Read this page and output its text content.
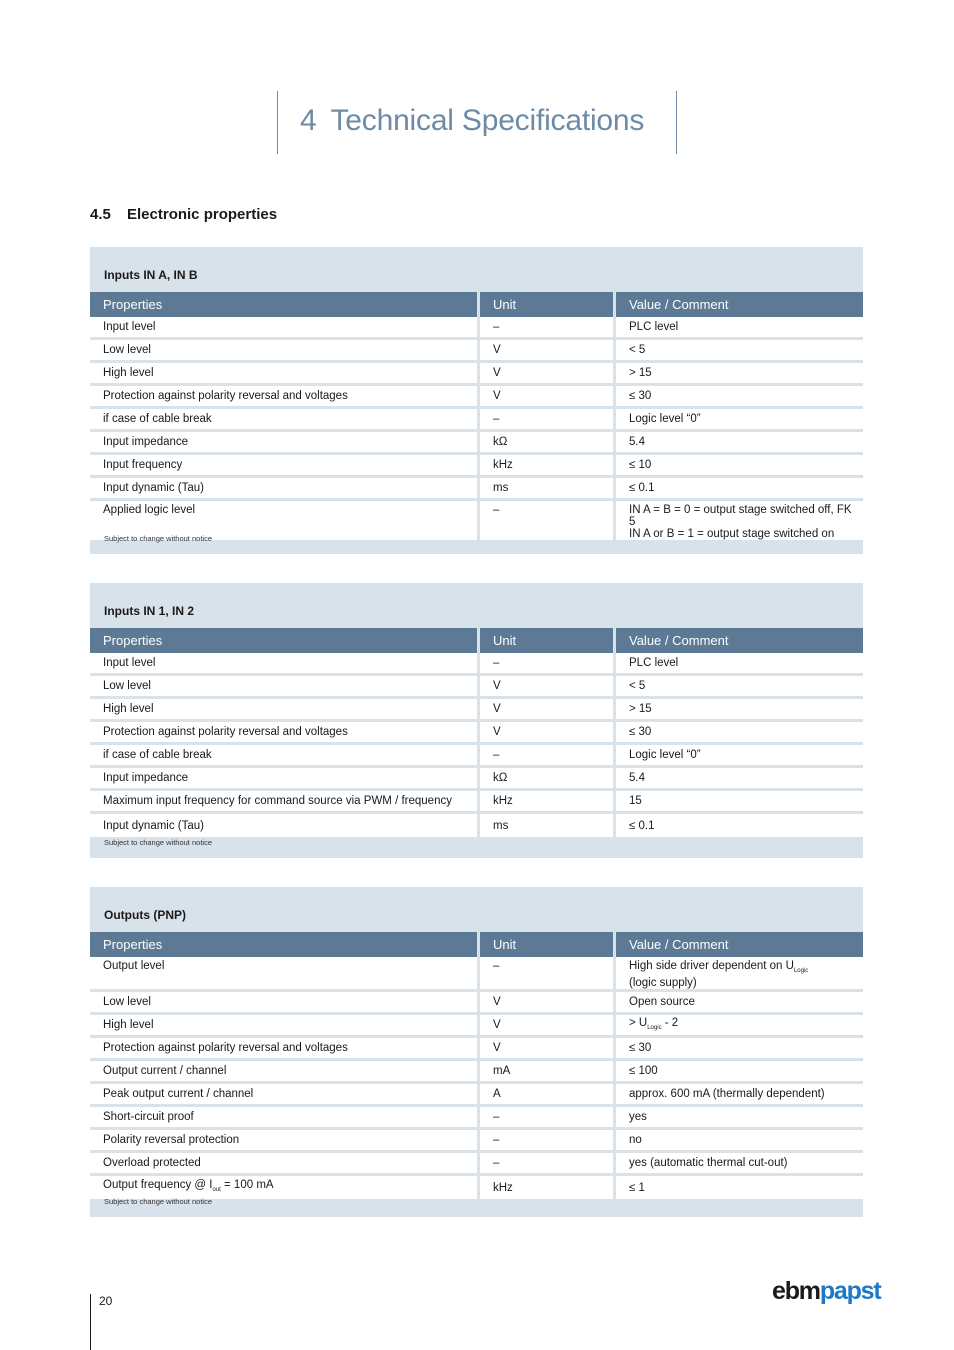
4 Technical Specifications
4.5 Electronic properties
Inputs IN A, IN B
Properties	Unit	Value / Comment
Input level	–	PLC level
Low level	V	< 5
High level	V	> 15
Protection against polarity reversal and voltages	V	≤ 30
if case of cable break	–	Logic level “0”
Input impedance	kΩ	5.4
Input frequency	kHz	≤ 10
Input dynamic (Tau)	ms	≤ 0.1
Applied logic level	–	IN A = B = 0 = output stage switched off, FK 5
IN A or B = 1 = output stage switched on
Subject to change without notice
Inputs IN 1, IN 2
Properties	Unit	Value / Comment
Input level	–	PLC level
Low level	V	< 5
High level	V	> 15
Protection against polarity reversal and voltages	V	≤ 30
if case of cable break	–	Logic level “0”
Input impedance	kΩ	5.4
Maximum input frequency for command source via PWM / frequency	kHz	15
Input dynamic (Tau)	ms	≤ 0.1
Subject to change without notice
Outputs (PNP)
Properties	Unit	Value / Comment
Output level	–	High side driver dependent on $U_{Logic}$
(logic supply)
Low level	V	Open source
High level	V	> $U_{Logic} - 2$
Protection against polarity reversal and voltages	V	≤ 30
Output current / channel	mA	≤ 100
Peak output current / channel	A	approx. 600 mA (thermally dependent)
Short-circuit proof	–	yes
Polarity reversal protection	–	no
Overload protected	–	yes (automatic thermal cut-out)
Output frequency @ $I_{out} = 100$ mA	kHz	≤ 1
Subject to change without notice
20	ebmpapst
